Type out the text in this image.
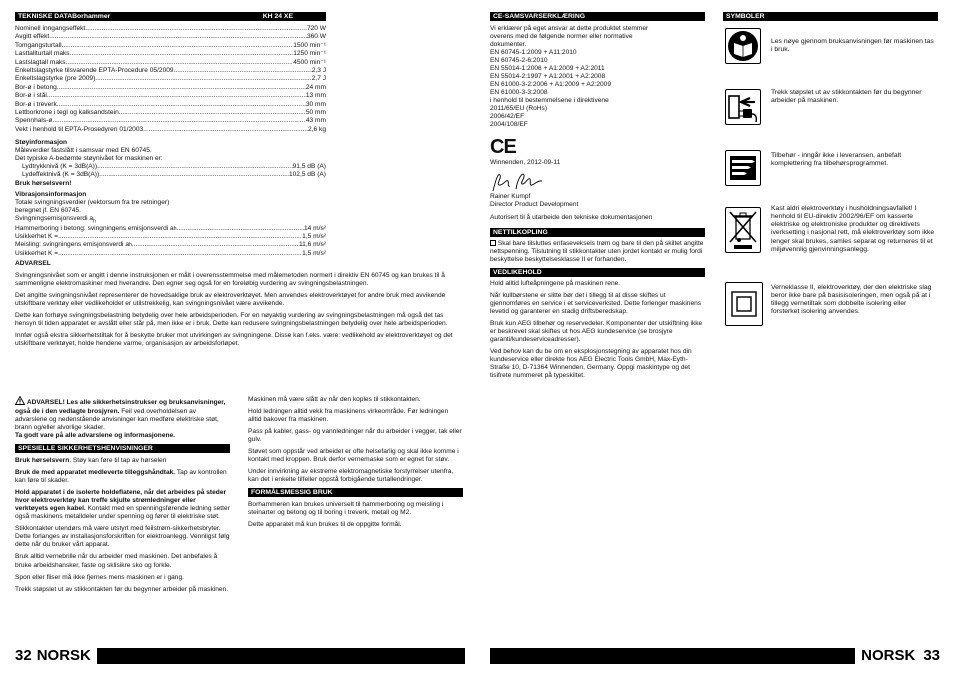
TEKNISKE DATABorhammer	KH 24 XE
Nominell inngangseffekt .....	720 W
Avgitt effekt .....	360 W
Tomgangsturtall .....	1500 min⁻¹
Lasttallturtall maks. .....	1250 min⁻¹
Lastslagtall maks. .....	4500 min⁻¹
Enkeltslagstyrke tilsvarende EPTA-Procedure 05/2009 .....	2,3 J
Enkeltslagstyrke (pre 2009) .....	2,7 J
Bor-ø i betong .....	24 mm
Bor-ø i stål .....	13 mm
Bor-ø i treverk .....	30 mm
Lettborkrone i tegl og kalksandstein .....	50 mm
Spennhals-ø .....	43 mm
Vekt i henhold til EPTA-Prosedyren 01/2003 .....	2,6 kg
Støyinformasjon
Måleverdier fastslått i samsvar med EN 60745.
Det typiske A-bedømte støynivået for maskinen er:
Lydtrykknivå (K = 3dB(A)) .....	91,5 dB (A)
Lydeffektnivå (K = 3dB(A)) .....	102,5 dB (A)
Bruk hørselsvern!
Vibrasjonsinformasjon
Totale svingningsverdier (vektorsum fra tre retninger)
beregnet jf. EN 60745.
Svingningsemisjonsverdi $a_h$
Hammerboring i betong: svingningens emisjonsverdi a h .....	14 m/s²
Usikkerhet K = .....	1,5 m/s²
Meisling: svingningens emisjonsverdi a h .....	11,6 m/s²
Usikkerhet K = .....	1,5 m/s²
ADVARSEL

Svingningsnivået som er angitt i denne instruksjonen er målt i overensstemmelse med målemetoden normert i direktiv EN 60745 og kan brukes til å sammenligne elektromaskiner med hverandre. Den egner seg også for en foreløbig vurdering av svingningsbelastningen.

Det angitte svingningsnivået representerer de hovedsaklige bruk av elektroverktøyet. Men anvendes elektroverktøyet for andre bruk med avvikende utskiftbare verktøy eller vedlikeholdet er utilstrekkelig, kan svingningsnivået være avvikende.

Dette kan forhøye svingningsbelastning betydelig over hele arbeidsperioden. For en nøyaktig vurdering av svingningsbelastningen må også det tas hensyn til tiden apparatet er avslått eller står på, men ikke er i bruk. Dette kan redusere svingningsbelastningen betydelig over hele arbeidsperioden.

Innfør også ekstra sikkerhetstiltak for å beskytte bruker mot utvirkingen av svingningene. Disse kan f.eks. være: vedlikehold av elektroverktøyet og det utskiftbare verktøyet, holde hendene varme, organisasjon av arbeidsforløpet.

ADVARSEL! Les alle sikkerhetsinstrukser og bruksanvisninger, også de i den vedlagte brosjyren. Feil ved overholdelsen av advarslene og nedenstående anvisninger kan medføre elektriske støt, brann og/eller alvorlige skader.
Ta godt vare på alle advarslene og informasjonene.

SPESIELLE SIKKERHETSHENVISNINGER

Bruk hørselsvern. Støy kan føre til tap av hørselen

Bruk de med apparatet medleverte tilleggshåndtak. Tap av kontrollen kan føre til skader.

Hold apparatet i de isolerte holdeflatene, når det arbeides på steder hvor elektroverktøy kan treffe skjulte strømledninger eller verktøyets egen kabel. Kontakt med en spenningsførende ledning setter også maskinens metalldeler under spenning og fører til elektriske støt.

Stikkontakter utendørs må være utstyrt med feilstrøm-sikkerhetsbryter. Dette forlanges av installasjonsforskriften for elektroanlegg. Vennligst følg dette når du bruker vårt apparat.

Bruk alltid vernebrille når du arbeider med maskinen. Det anbefales å bruke arbeidshansker, faste og sklisikre sko og forkle.

Spon eller fliser må ikke fjernes mens maskinen er i gang.

Trekk støpslet ut av stikkontakten før du begynner arbeider på maskinen.

Maskinen må være slått av når den koples til stikkontakten.

Hold ledningen alltid vekk fra maskinens virkeområde. Før ledningen alltid bakover fra maskinen.

Pass på kabler, gass- og vannledninger når du arbeider i vegger, tak eller gulv.

Støvet som oppstår ved arbeidet er ofte helsefarlig og skal ikke komme i kontakt med kroppen. Bruk derfor vernemaske som er egnet for støv.

Under innvirkning av ekstreme elektromagnetiske forstyrrelser utenfra, kan det i enkelte tilfeller oppstå forbigående turtallendringer.

FORMÅLSMESSIG BRUK

Borhammeren kan brukes universelt til hammerboring og meisling i steinarter og betong og til boring i treverk, metall og M2.

Dette apparatet må kun brukes til de oppgitte formål.

32 NORSK
CE-SAMSVARSERKLÆRING
Vi erklærer på eget ansvar at dette produktet stemmer
overens med de følgende normer eller normative
dokumenter.
EN 60745-1:2009 + A11:2010
EN 60745-2-6:2010
EN 55014-1:2006 + A1:2009 + A2:2011
EN 55014-2:1997 + A1:2001 + A2:2008
EN 61000-3-2:2006 + A1:2009 + A2:2009
EN 61000-3-3:2008
i henhold til bestemmelsene i direktivene
2011/65/EU (RoHs)
2006/42/EF
2004/108/EF
CE
Winnenden, 2012-09-11
Rainer Kumpf
Director Product Development
Autorisert til å utarbeide den tekniske dokumentasjonen
NETTILKOPLING

Skal bare tilsluttes enfaseveksels trøm og bare til den på skiltet angitte nettspenning. Tilslutning til stikkontakter uten jordet kontakt er mulig fordi beskyttelse beskyttelsesklasse II er forhanden.

VEDLIKEHOLD

Hold alltid lufteåpningene på maskinen rene.

Når kullbørstene er slitte bør det i tillegg til at disse skiftes ut gjennomføres en service i et serviceverksted. Dette forlenger maskinens levetid og garanterer en stadig driftsberedskap.

Bruk kun AEG tilbehør og reservedeler. Komponenter der utskiftning ikke er beskrevet skal skiftes ut hos AEG kundeservice (se brosjyre garanti/kundeserviceadresser).

Ved behov kan du be om en eksplosjonstegning av apparatet hos din kundeservice eller direkte hos AEG Electric Tools GmbH, Max-Eyth-Straße 10, D-71364 Winnenden, Germany. Oppgi maskintype og det tisifrete nummeret på typeskiltet.

SYMBOLER
Les nøye gjennom bruksanvisningen før maskinen tas i bruk.
Trekk støpslet ut av stikkontakten før du begynner arbeider på maskinen.
Tilbehør - inngår ikke i leveransen, anbefalt komplettering fra tilbehørsprogrammet.
Kast aldri elektroverktøy i husholdningsavfallet! I henhold til EU-direktiv 2002/96/EF om kasserte elektriske og elektroniske produkter og direktivets iverksetting i nasjonal rett, må elektroverktøy som ikke lenger skal brukes, samles separat og returneres til et miljøvennlig gjenvinningsanlegg.
Verneklasse II, elektroverktøy, der den elektriske slag beror ikke bare på basisisoleringen, men også på at i tillegg vernetiltak som dobbelte isolering eller forsterket isolering anvendes.
NORSK 33
